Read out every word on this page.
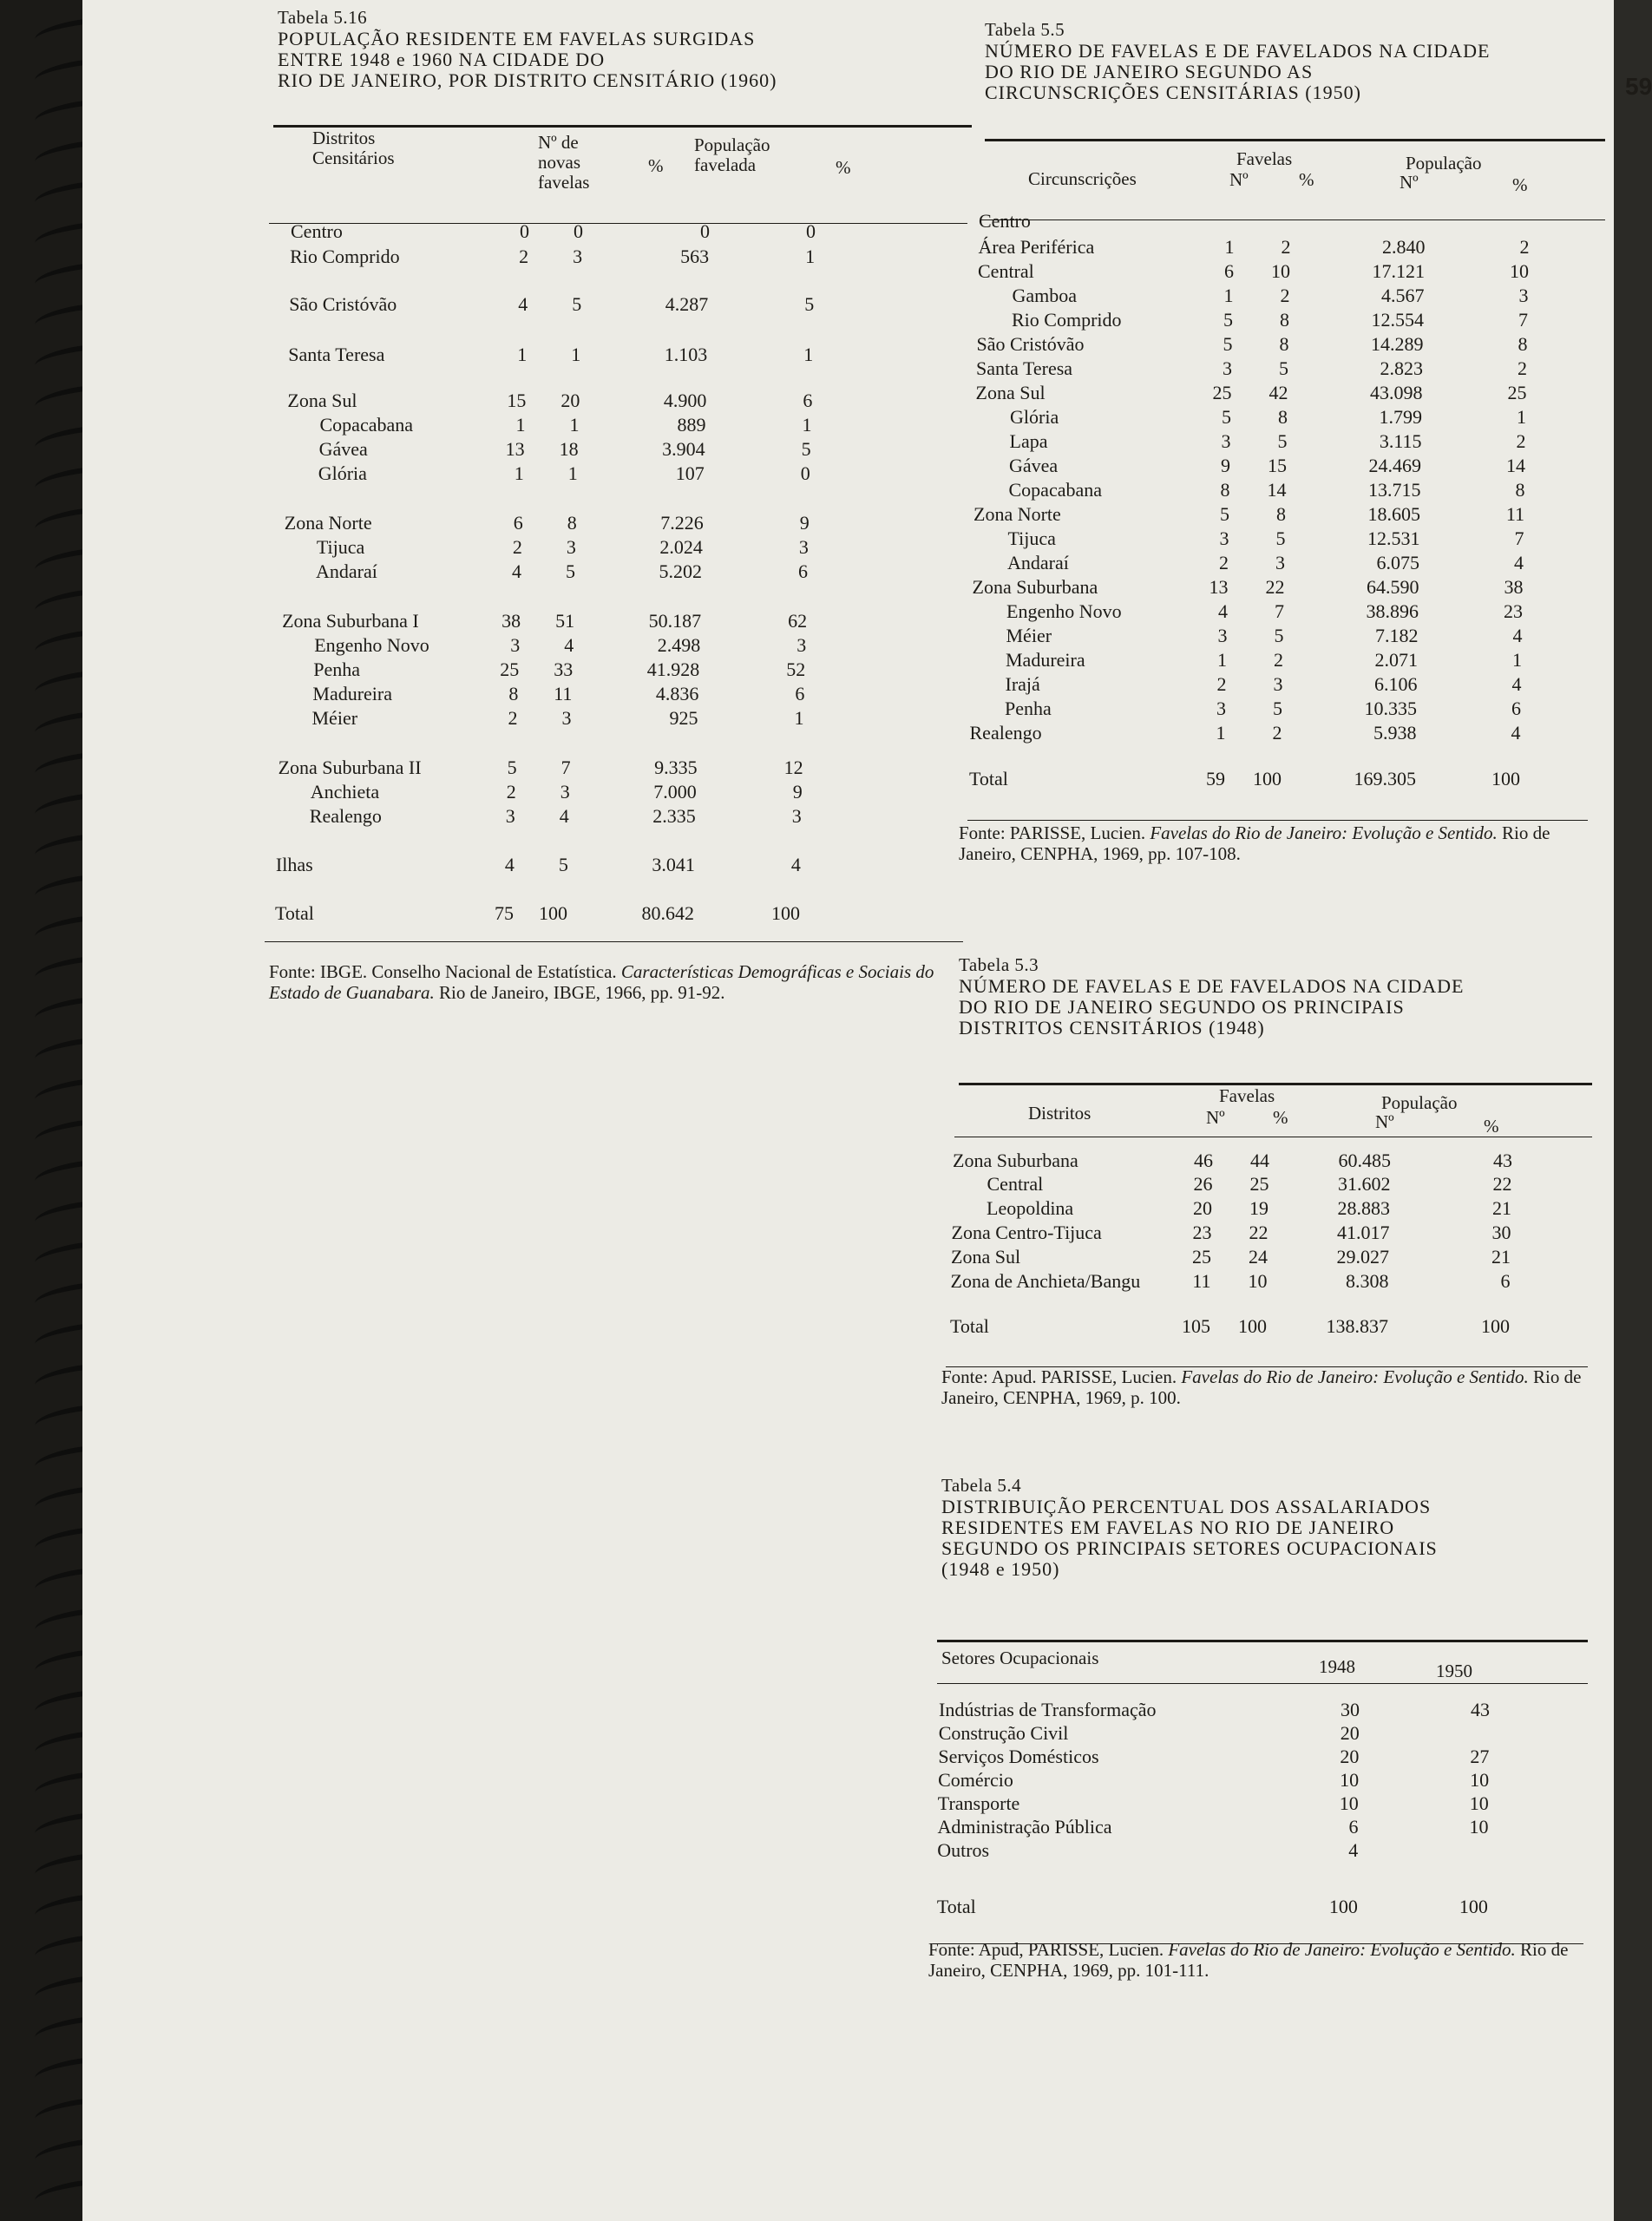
59
Tabela 5.16
POPULAÇÃO RESIDENTE EM FAVELAS SURGIDAS
ENTRE 1948 e 1960 NA CIDADE DO
RIO DE JANEIRO, POR DISTRITO CENSITÁRIO (1960)
Distritos Censitários
Nº de novas favelas
%
População favelada	%
Centro	0 0	0	0
Rio Comprido	2 3	563	1
São Cristóvão	4 5	4.287	5
Santa Teresa	1 1	1.103	1
Zona Sul	15 20	4.900	6
Copacabana	1 1	889	1
Gávea	13 18	3.904	5
Glória	1 1	107	0
Zona Norte	6 8	7.226	9
Tijuca	2 3	2.024	3
Andaraí	4 5	5.202	6
Zona Suburbana I	38 51	50.187	62
Engenho Novo	3 4	2.498	3
Penha	25 33	41.928	52
Madureira	8 11	4.836	6
Méier	2 3	925	1
Zona Suburbana II	5 7	9.335	12
Anchieta	2 3	7.000	9
Realengo	3 4	2.335	3
Ilhas	4 5	3.041	4
Total	75 100	80.642	100
Fonte: IBGE. Conselho Nacional de Estatística. Características Demográficas e Sociais do Estado de Guanabara. Rio de Janeiro, IBGE, 1966, pp. 91-92.
Tabela 5.5
NÚMERO DE FAVELAS E DE FAVELADOS NA CIDADE
DO RIO DE JANEIRO SEGUNDO AS
CIRCUNSCRIÇÕES CENSITÁRIAS (1950)
Favelas	População
Circunscrições	Nº	%	Nº	%
Centro
Área Periférica	1 2	2.840	2
Central	6 10	17.121	10
Gamboa	1 2	4.567	3
Rio Comprido	5 8	12.554	7
São Cristóvão	5 8	14.289	8
Santa Teresa	3 5	2.823	2
Zona Sul	25 42	43.098	25
Glória	5 8	1.799	1
Lapa	3 5	3.115	2
Gávea	9 15	24.469	14
Copacabana	8 14	13.715	8
Zona Norte	5 8	18.605	11
Tijuca	3 5	12.531	7
Andaraí	2 3	6.075	4
Zona Suburbana	13 22	64.590	38
Engenho Novo	4 7	38.896	23
Méier	3 5	7.182	4
Madureira	1 2	2.071	1
Irajá	2 3	6.106	4
Penha	3 5	10.335	6
Realengo	1 2	5.938	4
Total	59 100	169.305	100
Fonte: PARISSE, Lucien. Favelas do Rio de Janeiro: Evolução e Sentido. Rio de Janeiro, CENPHA, 1969, pp. 107-108.
Tabela 5.3
NÚMERO DE FAVELAS E DE FAVELADOS NA CIDADE
DO RIO DE JANEIRO SEGUNDO OS PRINCIPAIS
DISTRITOS CENSITÁRIOS (1948)
Favelas	População
Distritos	Nº	%	Nº	%
Zona Suburbana	46 44	60.485	43
Central	26 25	31.602	22
Leopoldina	20 19	28.883	21
Zona Centro-Tijuca	23 22	41.017	30
Zona Sul	25 24	29.027	21
Zona de Anchieta/Bangu	11 10	8.308	6
Total	105 100	138.837	100
Fonte: Apud. PARISSE, Lucien. Favelas do Rio de Janeiro: Evolução e Sentido. Rio de Janeiro, CENPHA, 1969, p. 100.
Tabela 5.4
DISTRIBUIÇÃO PERCENTUAL DOS ASSALARIADOS
RESIDENTES EM FAVELAS NO RIO DE JANEIRO
SEGUNDO OS PRINCIPAIS SETORES OCUPACIONAIS
(1948 e 1950)
Setores Ocupacionais	1948	1950
Indústrias de Transformação	30	43
Construção Civil	20
Serviços Domésticos	20	27
Comércio	10	10
Transporte	10	10
Administração Pública	6	10
Outros	4
Total	100	100
Fonte: Apud, PARISSE, Lucien. Favelas do Rio de Janeiro: Evolução e Sentido. Rio de Janeiro, CENPHA, 1969, pp. 101-111.
